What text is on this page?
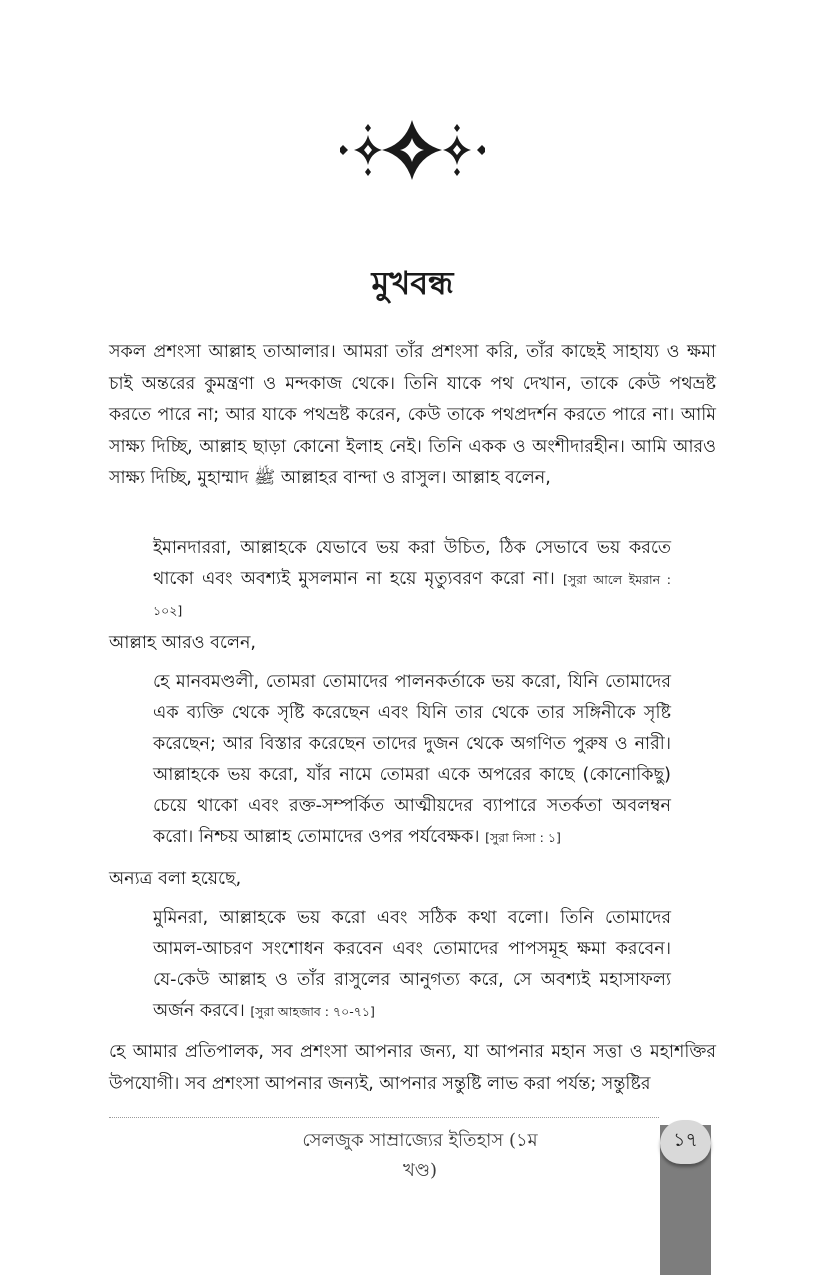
মুখবন্ধ
সকল প্রশংসা আল্লাহ তাআলার। আমরা তাঁর প্রশংসা করি, তাঁর কাছেই সাহায্য ও ক্ষমা চাই অন্তরের কুমন্ত্রণা ও মন্দকাজ থেকে। তিনি যাকে পথ দেখান, তাকে কেউ পথভ্রষ্ট করতে পারে না; আর যাকে পথভ্রষ্ট করেন, কেউ তাকে পথপ্রদর্শন করতে পারে না। আমি সাক্ষ্য দিচ্ছি, আল্লাহ ছাড়া কোনো ইলাহ নেই। তিনি একক ও অংশীদারহীন। আমি আরও সাক্ষ্য দিচ্ছি, মুহাম্মাদ ﷺ আল্লাহর বান্দা ও রাসুল। আল্লাহ বলেন,
ইমানদাররা, আল্লাহকে যেভাবে ভয় করা উচিত, ঠিক সেভাবে ভয় করতে থাকো এবং অবশ্যই মুসলমান না হয়ে মৃত্যুবরণ করো না। [সুরা আলে ইমরান : ১০২]
আল্লাহ আরও বলেন,
হে মানবমণ্ডলী, তোমরা তোমাদের পালনকর্তাকে ভয় করো, যিনি তোমাদের এক ব্যক্তি থেকে সৃষ্টি করেছেন এবং যিনি তার থেকে তার সঙ্গিনীকে সৃষ্টি করেছেন; আর বিস্তার করেছেন তাদের দুজন থেকে অগণিত পুরুষ ও নারী। আল্লাহকে ভয় করো, যাঁর নামে তোমরা একে অপরের কাছে (কোনোকিছু) চেয়ে থাকো এবং রক্ত-সম্পর্কিত আত্মীয়দের ব্যাপারে সতর্কতা অবলম্বন করো। নিশ্চয় আল্লাহ তোমাদের ওপর পর্যবেক্ষক। [সুরা নিসা : ১]
অন্যত্র বলা হয়েছে,
মুমিনরা, আল্লাহকে ভয় করো এবং সঠিক কথা বলো। তিনি তোমাদের আমল-আচরণ সংশোধন করবেন এবং তোমাদের পাপসমূহ ক্ষমা করবেন। যে-কেউ আল্লাহ ও তাঁর রাসুলের আনুগত্য করে, সে অবশ্যই মহাসাফল্য অর্জন করবে। [সুরা আহজাব : ৭০-৭১]
হে আমার প্রতিপালক, সব প্রশংসা আপনার জন্য, যা আপনার মহান সত্তা ও মহাশক্তির উপযোগী। সব প্রশংসা আপনার জন্যই, আপনার সন্তুষ্টি লাভ করা পর্যন্ত; সন্তুষ্টির
সেলজুক সাম্রাজ্যের ইতিহাস (১ম খণ্ড)
১৭
